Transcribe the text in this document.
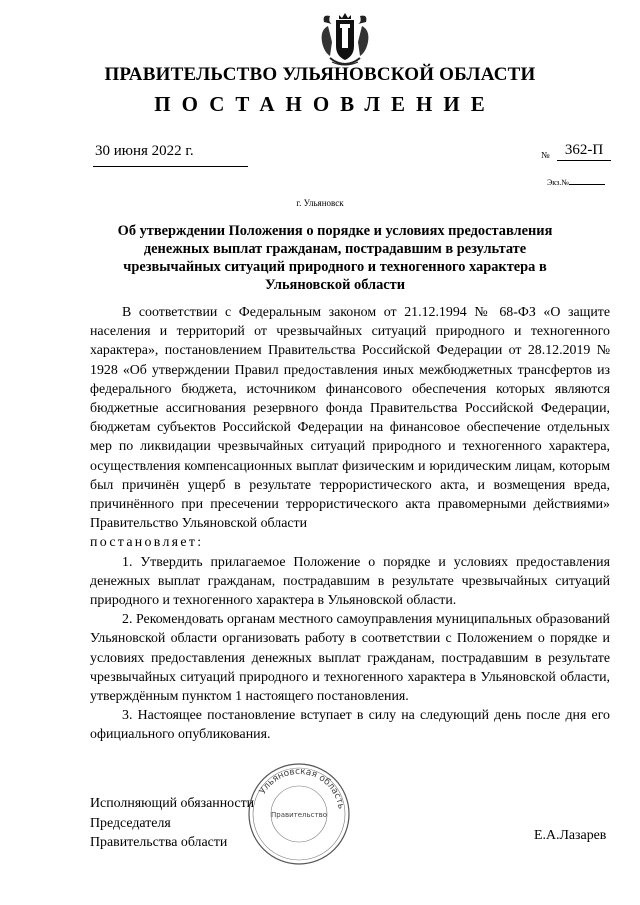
ПРАВИТЕЛЬСТВО УЛЬЯНОВСКОЙ ОБЛАСТИ
ПОСТАНОВЛЕНИЕ
30 июня 2022 г.	№	362-П
Экз.№
г. Ульяновск
Об утверждении Положения о порядке и условиях предоставления денежных выплат гражданам, пострадавшим в результате чрезвычайных ситуаций природного и техногенного характера в Ульяновской области

В соответствии с Федеральным законом от 21.12.1994 № 68-ФЗ «О защите населения и территорий от чрезвычайных ситуаций природного и техногенного характера», постановлением Правительства Российской Федерации от 28.12.2019 № 1928 «Об утверждении Правил предоставления иных межбюджетных трансфертов из федерального бюджета, источником финансового обеспечения которых являются бюджетные ассигнования резервного фонда Правительства Российской Федерации, бюджетам субъектов Российской Федерации на финансовое обеспечение отдельных мер по ликвидации чрезвычайных ситуаций природного и техногенного характера, осуществления компенсационных выплат физическим и юридическим лицам, которым был причинён ущерб в результате террористического акта, и возмещения вреда, причинённого при пресечении террористического акта правомерными действиями» Правительство Ульяновской области

постановляет:

1. Утвердить прилагаемое Положение о порядке и условиях предоставления денежных выплат гражданам, пострадавшим в результате чрезвычайных ситуаций природного и техногенного характера в Ульяновской области.

2. Рекомендовать органам местного самоуправления муниципальных образований Ульяновской области организовать работу в соответствии с Положением о порядке и условиях предоставления денежных выплат гражданам, пострадавшим в результате чрезвычайных ситуаций природного и техногенного характера в Ульяновской области, утверждённым пунктом 1 настоящего постановления.

3. Настоящее постановление вступает в силу на следующий день после дня его официального опубликования.

Ульяновская область
Правительство
Исполняющий обязанности
Председателя
Правительства области	Е.А.Лазарев
